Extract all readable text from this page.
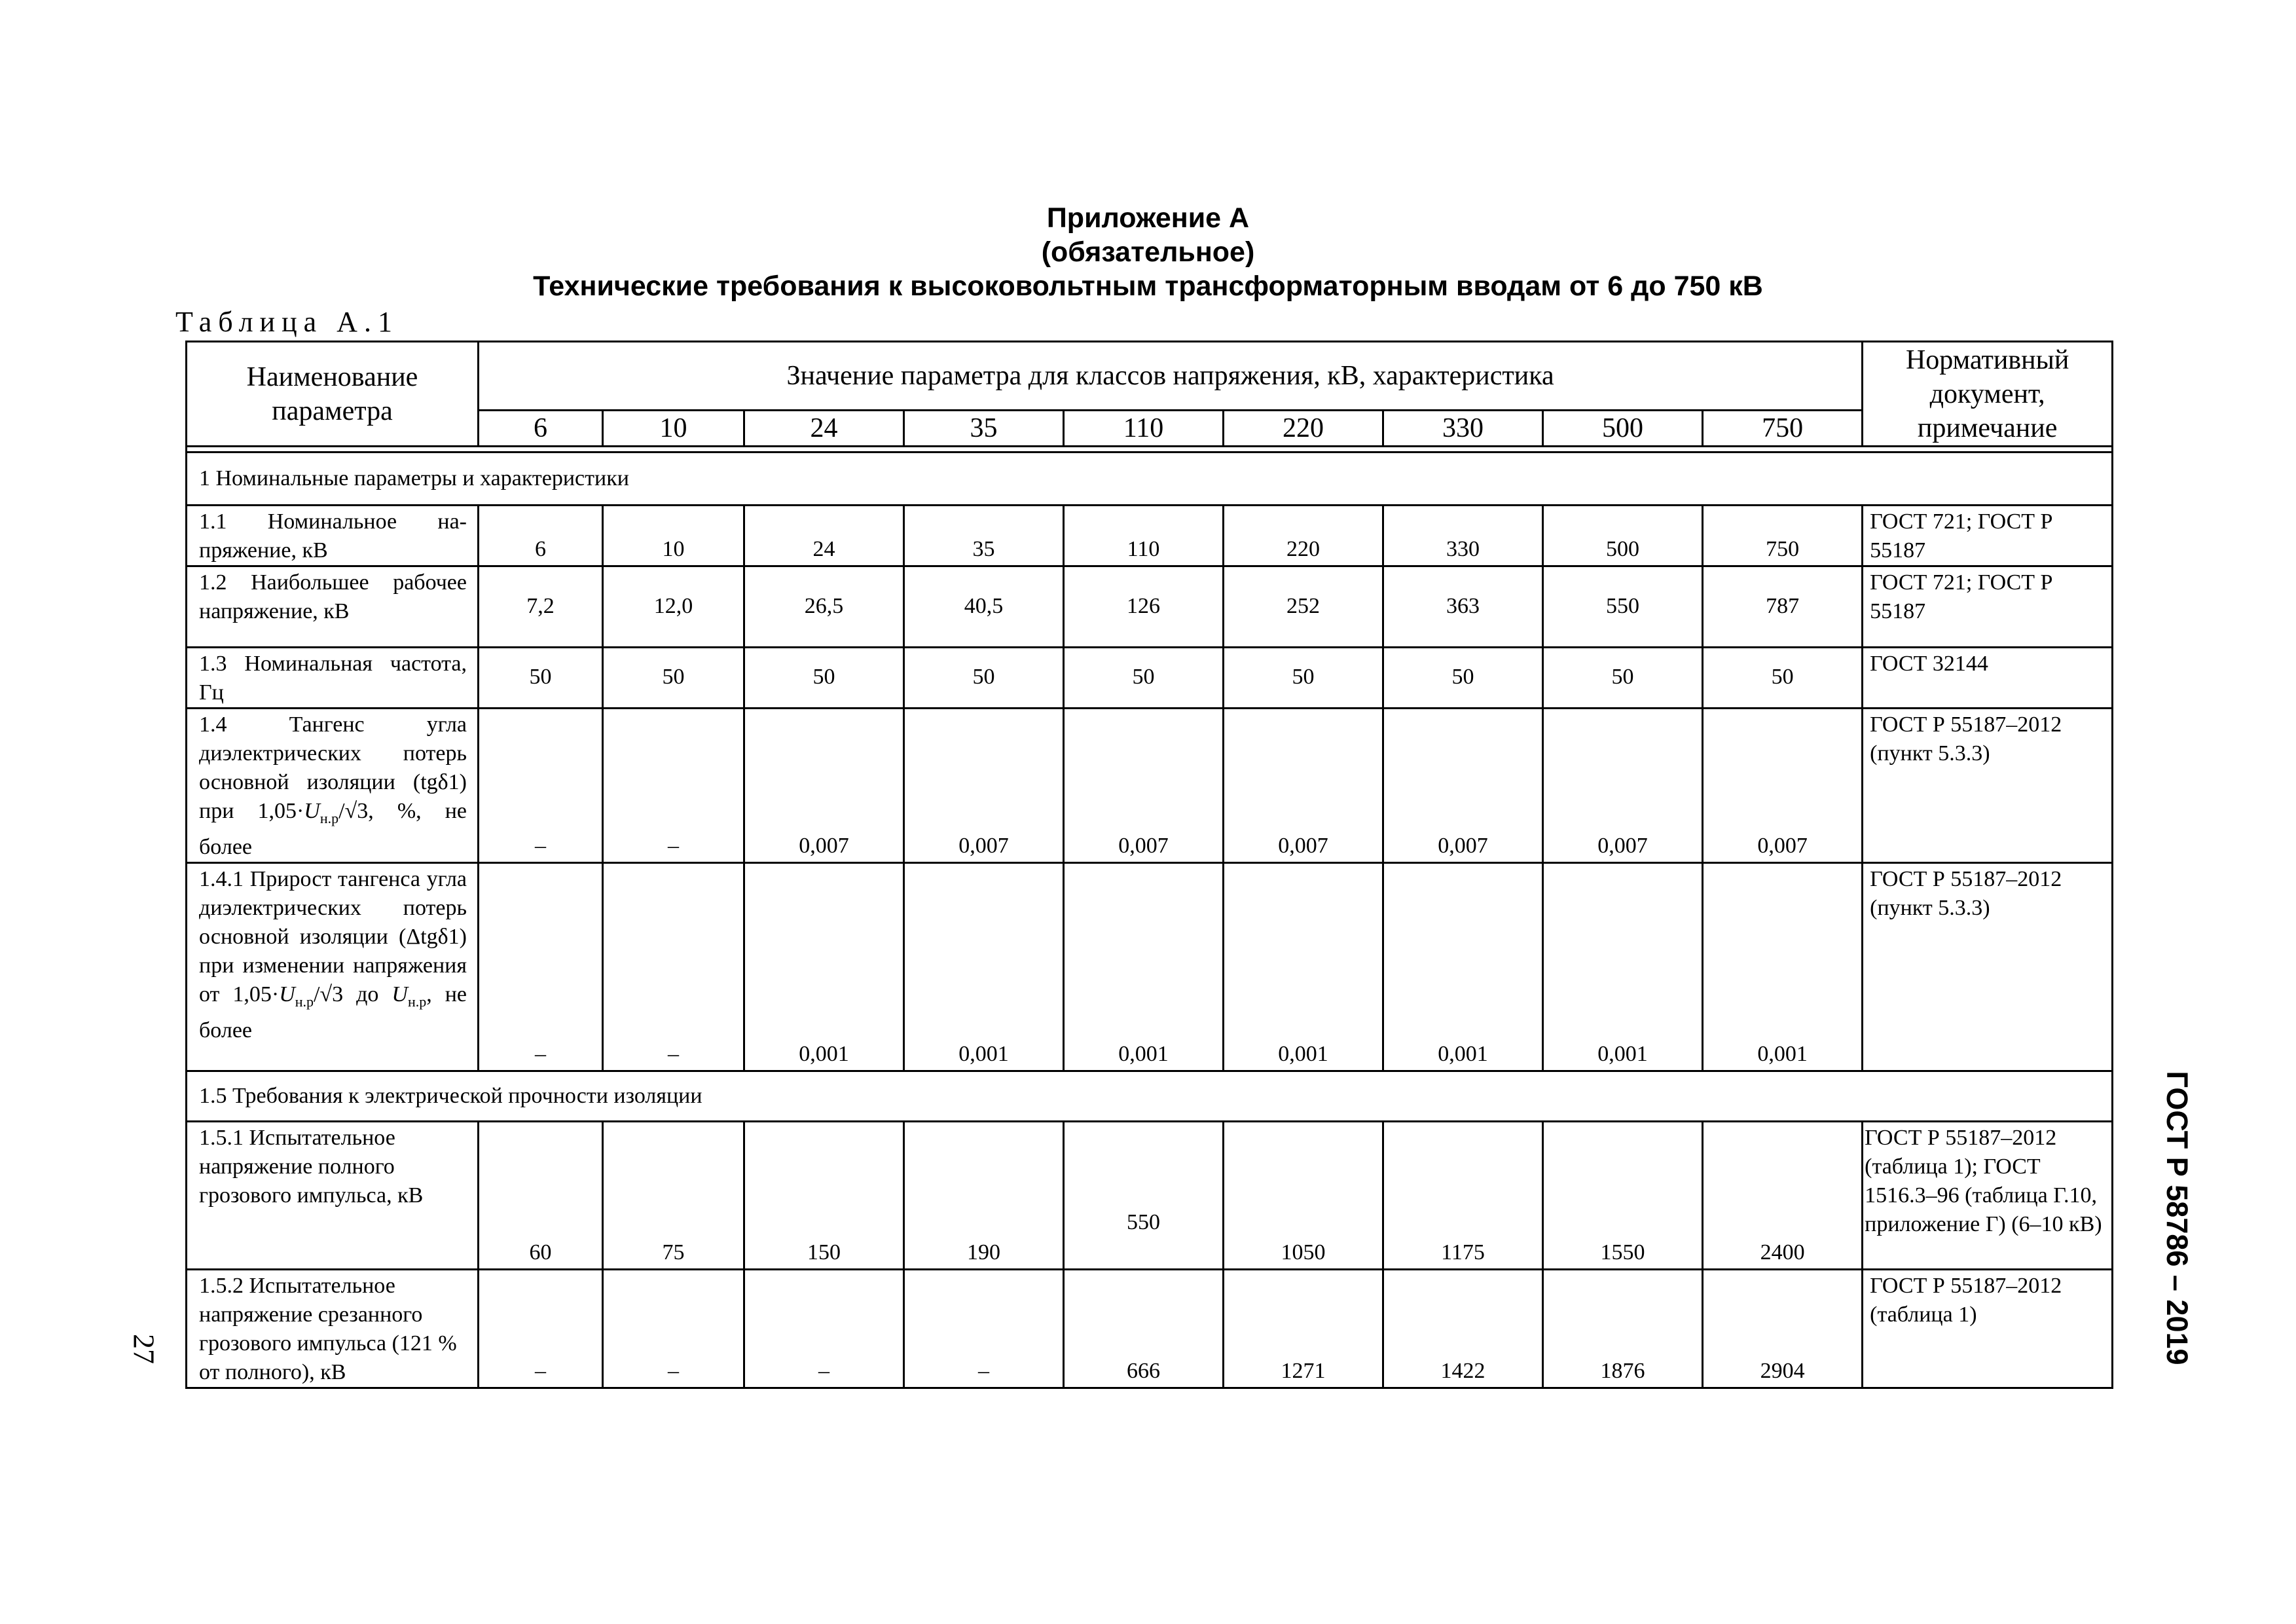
Приложение А
(обязательное)
Технические требования к высоковольтным трансформаторным вводам от 6 до 750 кВ
Таблица А.1
Наименование параметра	Значение параметра для классов напряжения, кВ, характеристика									Нормативный документ, примечание
	6	10	24	35	110	220	330	500	750	

1 Номинальные параметры и характеристики										
1.1 Номинальное на- пряжение, кВ	6	10	24	35	110	220	330	500	750	ГОСТ 721; ГОСТ Р 55187
1.2 Наибольшее рабочее напряжение, кВ	7,2	12,0	26,5	40,5	126	252	363	550	787	ГОСТ 721; ГОСТ Р 55187
1.3 Номинальная частота, Гц	50	50	50	50	50	50	50	50	50	ГОСТ 32144
1.4 Тангенс угла диэлектрических потерь основной изоляции (tgδ1) при $1,05\cdot U_{н.р}/√3$, %, не более	–	–	0,007	0,007	0,007	0,007	0,007	0,007	0,007	ГОСТ Р 55187–2012 (пункт 5.3.3)
1.4.1 Прирост тангенса угла диэлектрических потерь основной изоляции (Δtgδ1) при изменении напряжения от $1,05\cdot U_{н.р}/√3$ до $U_{н.р}$, не более	–	–	0,001	0,001	0,001	0,001	0,001	0,001	0,001	ГОСТ Р 55187–2012 (пункт 5.3.3)
1.5 Требования к электрической прочности изоляции										
1.5.1 Испытательное напряжение полного грозового импульса, кВ	60	75	150	190	550	1050	1175	1550	2400	ГОСТ Р 55187–2012 (таблица 1); ГОСТ 1516.3–96 (таблица Г.10, приложение Г) (6–10 кВ)
1.5.2 Испытательное напряжение срезанного грозового импульса (121 % от полного), кВ	–	–	–	–	666	1271	1422	1876	2904	ГОСТ Р 55187–2012 (таблица 1)	ГОСТ Р 58786 – 2019
27
